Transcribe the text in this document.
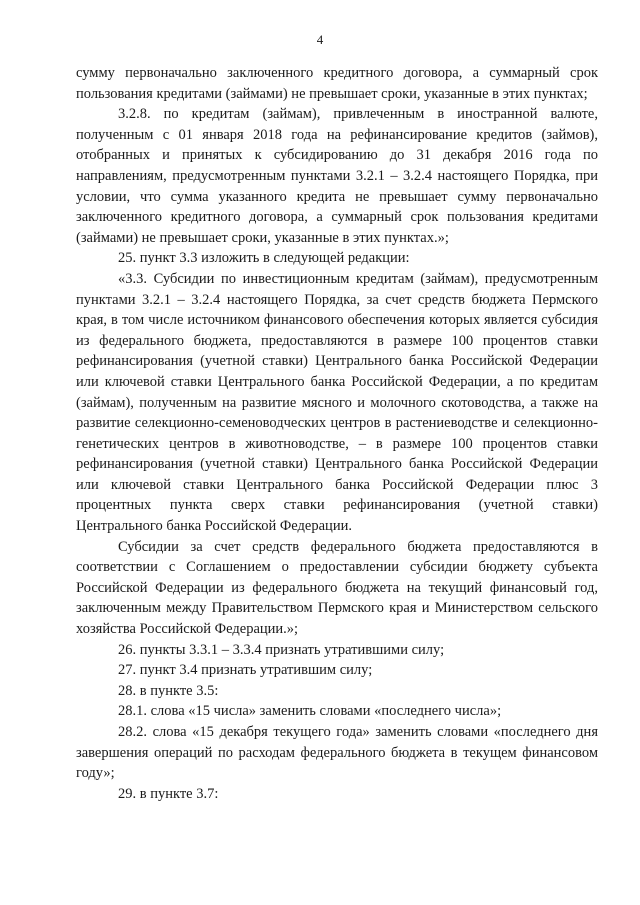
4

сумму первоначально заключенного кредитного договора, а суммарный срок пользования кредитами (займами) не превышает сроки, указанные в этих пунктах;

3.2.8. по кредитам (займам), привлеченным в иностранной валюте, полученным с 01 января 2018 года на рефинансирование кредитов (займов), отобранных и принятых к субсидированию до 31 декабря 2016 года по направлениям, предусмотренным пунктами 3.2.1 – 3.2.4 настоящего Порядка, при условии, что сумма указанного кредита не превышает сумму первоначально заключенного кредитного договора, а суммарный срок пользования кредитами (займами) не превышает сроки, указанные в этих пунктах.»;

25. пункт 3.3 изложить в следующей редакции:

«3.3. Субсидии по инвестиционным кредитам (займам), предусмотренным пунктами 3.2.1 – 3.2.4 настоящего Порядка, за счет средств бюджета Пермского края, в том числе источником финансового обеспечения которых является субсидия из федерального бюджета, предоставляются в размере 100 процентов ставки рефинансирования (учетной ставки) Центрального банка Российской Федерации или ключевой ставки Центрального банка Российской Федерации, а по кредитам (займам), полученным на развитие мясного и молочного скотоводства, а также на развитие селекционно-семеноводческих центров в растениеводстве и селекционно-генетических центров в животноводстве, – в размере 100 процентов ставки рефинансирования (учетной ставки) Центрального банка Российской Федерации или ключевой ставки Центрального банка Российской Федерации плюс 3 процентных пункта сверх ставки рефинансирования (учетной ставки) Центрального банка Российской Федерации.

Субсидии за счет средств федерального бюджета предоставляются в соответствии с Соглашением о предоставлении субсидии бюджету субъекта Российской Федерации из федерального бюджета на текущий финансовый год, заключенным между Правительством Пермского края и Министерством сельского хозяйства Российской Федерации.»;

26. пункты 3.3.1 – 3.3.4 признать утратившими силу;

27. пункт 3.4 признать утратившим силу;

28. в пункте 3.5:

28.1. слова «15 числа» заменить словами «последнего числа»;

28.2. слова «15 декабря текущего года» заменить словами «последнего дня завершения операций по расходам федерального бюджета в текущем финансовом году»;

29. в пункте 3.7:
